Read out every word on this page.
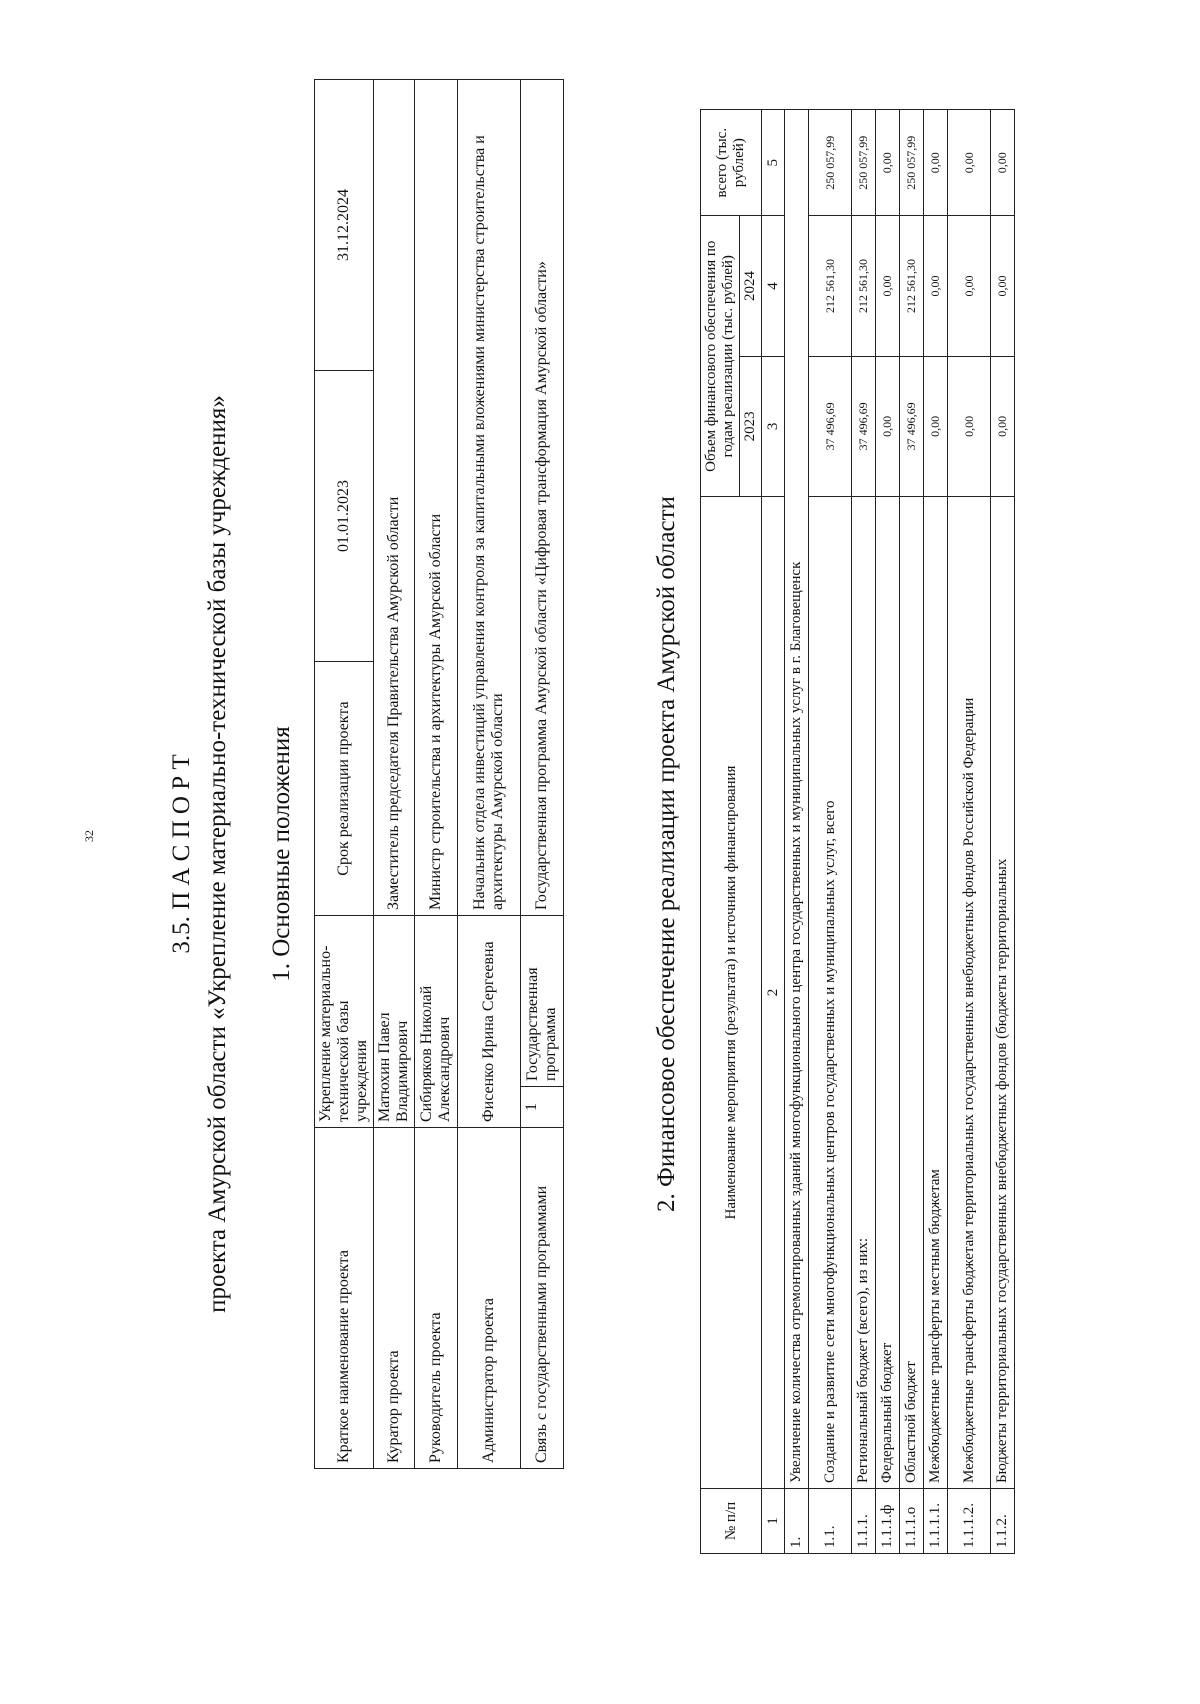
32	3.5. П А С П О Р Т проекта Амурской области «Укрепление материально-технической базы учреждения» 1. Основные положения
Краткое наименование проекта	Укрепление материально-технической базы учреждения		Срок реализации проекта	01.01.2023	31.12.2024
Куратор проекта	Матюхин Павел Владимирович		Заместитель председателя Правительства Амурской области		
Руководитель проекта	Сибиряков Николай Александрович		Министр строительства и архитектуры Амурской области		
Администратор проекта	Фисенко Ирина Сергеевна		Начальник отдела инвестиций управления контроля за капитальными вложениями министерства строительства и архитектуры Амурской области		
Связь с государственными программами	1	Государственная программа	Государственная программа Амурской области «Цифровая трансформация Амурской области»			2. Финансовое обеспечение реализации проекта Амурской области
№ п/п	Наименование мероприятия (результата) и источники финансирования	Объем финансового обеспечения по годам реализации (тыс. рублей)		всего (тыс. рублей)
		2023	2024	
1	2	3	4	5
1.	Увеличение количества отремонтированных зданий многофункционального центра государственных и муниципальных услуг в г. Благовещенск			
1.1.	Создание и развитие сети многофункциональных центров государственных и муниципальных услуг, всего	37 496,69	212 561,30	250 057,99
1.1.1.	Региональный бюджет (всего), из них:	37 496,69	212 561,30	250 057,99
1.1.1.ф	Федеральный бюджет	0,00	0,00	0,00
1.1.1.о	Областной бюджет	37 496,69	212 561,30	250 057,99
1.1.1.1.	Межбюджетные трансферты местным бюджетам	0,00	0,00	0,00
1.1.1.2.	Межбюджетные трансферты бюджетам территориальных государственных внебюджетных фондов Российской Федерации	0,00	0,00	0,00
1.1.2.	Бюджеты территориальных государственных внебюджетных фондов (бюджеты территориальных	0,00	0,00	0,00
